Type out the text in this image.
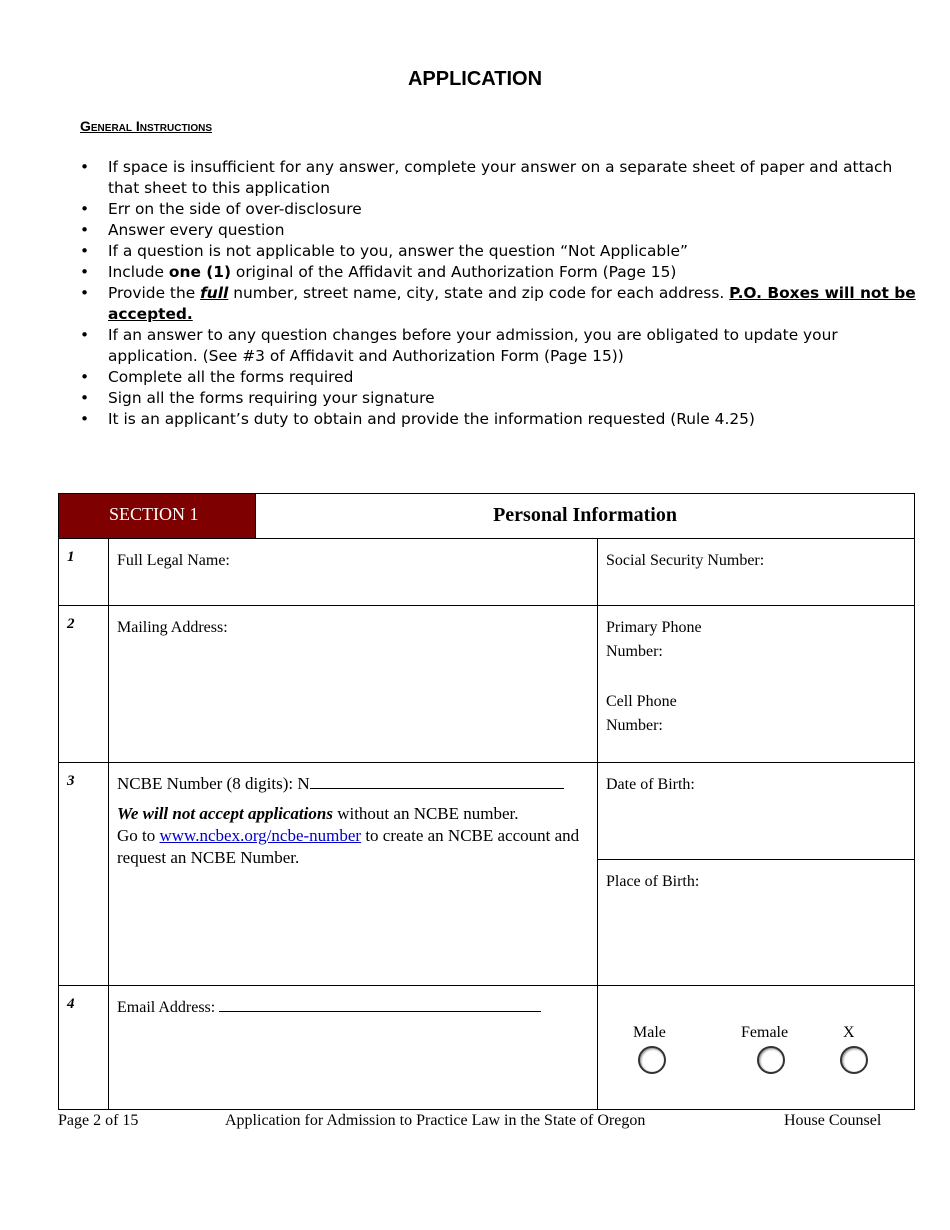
APPLICATION
General Instructions
• If space is insufficient for any answer, complete your answer on a separate sheet of paper and attach that sheet to this application
• Err on the side of over-disclosure
• Answer every question
• If a question is not applicable to you, answer the question “Not Applicable”
• Include one (1) original of the Affidavit and Authorization Form (Page 15)
• Provide the full number, street name, city, state and zip code for each address. P.O. Boxes will not be accepted.
• If an answer to any question changes before your admission, you are obligated to update your application. (See #3 of Affidavit and Authorization Form (Page 15))
• Complete all the forms required
• Sign all the forms requiring your signature
• It is an applicant’s duty to obtain and provide the information requested (Rule 4.25)
SECTION 1		Personal Information	
1	Full Legal Name:		Social Security Number:
2	Mailing Address:		Primary Phone Number:
Cell Phone Number:

3	NCBE Number (8 digits): N
We will not accept applications without an NCBE number.
Go to www.ncbex.org/ncbe-number to create an NCBE account and request an NCBE Number.		Date of Birth:
			Place of Birth:
4	Email Address:		Male Female X
Page 2 of 15	Application for Admission to Practice Law in the State of Oregon	House Counsel
